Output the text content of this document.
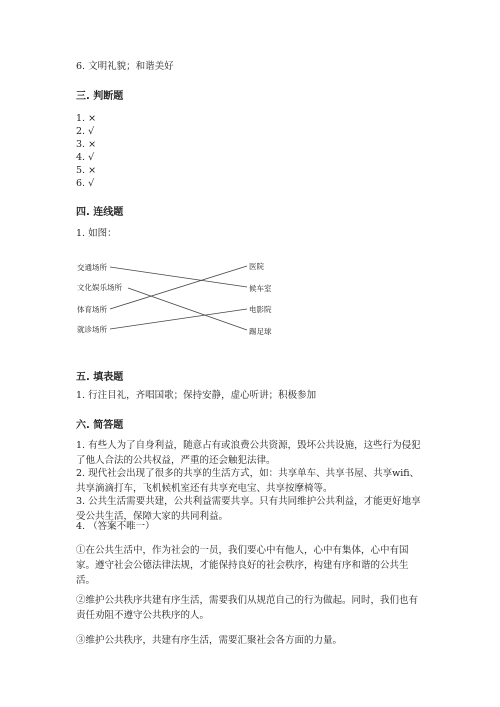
6. 文明礼貌；和谐美好
三. 判断题
1. ×
2. √
3. ×
4. √
5. ×
6. √
四. 连线题
1. 如图：
交通场所
文化娱乐场所
体育场所
就诊场所
医院
候车室
电影院
踢足球
五. 填表题
1. 行注目礼，齐唱国歌；保持安静，虚心听讲；积极参加
六. 简答题
1. 有些人为了自身利益，随意占有或浪费公共资源，毁坏公共设施，这些行为侵犯了他人合法的公共权益，严重的还会触犯法律。
2. 现代社会出现了很多的共享的生活方式，如：共享单车、共享书屋、共享wifi、共享滴滴打车，飞机候机室还有共享充电宝、共享按摩椅等。
3. 公共生活需要共建，公共利益需要共享。只有共同维护公共利益，才能更好地享受公共生活，保障大家的共同利益。
4. （答案不唯一）
①在公共生活中，作为社会的一员，我们要心中有他人，心中有集体，心中有国家。遵守社会公德法律法规，才能保持良好的社会秩序，构建有序和谐的公共生活。
②维护公共秩序共建有序生活，需要我们从规范自己的行为做起。同时，我们也有责任劝阻不遵守公共秩序的人。
③维护公共秩序，共建有序生活，需要汇聚社会各方面的力量。
